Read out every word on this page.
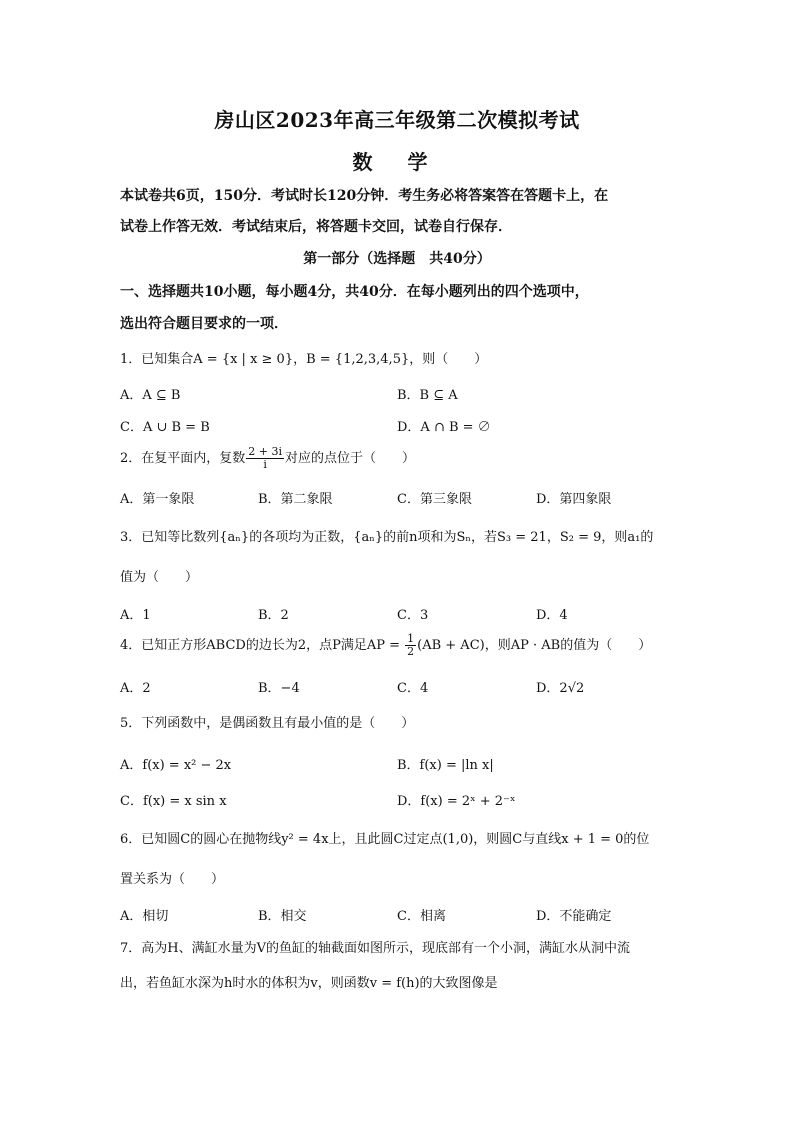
房山区2023年高三年级第二次模拟考试
数 学
本试卷共6页，150分．考试时长120分钟．考生务必将答案答在答题卡上，在
试卷上作答无效．考试结束后，将答题卡交回，试卷自行保存．
第一部分（选择题　共40分）
一、选择题共10小题，每小题4分，共40分．在每小题列出的四个选项中，
选出符合题目要求的一项．
1．已知集合A = {x | x ≥ 0}，B = {1,2,3,4,5}，则（　　）
A．A ⊆ B	B．B ⊆ A
C．A ∪ B = B	D．A ∩ B = ∅
2．在复平面内，复数 $\frac{2 + 3i}{i}$ 对应的点位于（　　）
A．第一象限	B．第二象限	C．第三象限	D．第四象限
3．已知等比数列{aₙ}的各项均为正数，{aₙ}的前n项和为Sₙ，若S₃ = 21，S₂ = 9，则a₁的
值为（　　）
A．1	B．2	C．3	D．4
4．已知正方形ABCD的边长为2，点P满足AP = $\frac{1}{2} (AB + AC)$，则AP · AB的值为（　　）
A．2	B．−4	C．4	D．2√2
5．下列函数中，是偶函数且有最小值的是（　　）
A．f(x) = x² − 2x	B．f(x) = |ln x|
C．f(x) = x sin x	D．f(x) = 2ˣ + 2⁻ˣ
6．已知圆C的圆心在抛物线y² = 4x上，且此圆C过定点(1,0)，则圆C与直线x + 1 = 0的位
置关系为（　　）
A．相切	B．相交	C．相离	D．不能确定
7．高为H、满缸水量为V的鱼缸的轴截面如图所示，现底部有一个小洞，满缸水从洞中流
出，若鱼缸水深为h时水的体积为v，则函数v = f(h)的大致图像是
